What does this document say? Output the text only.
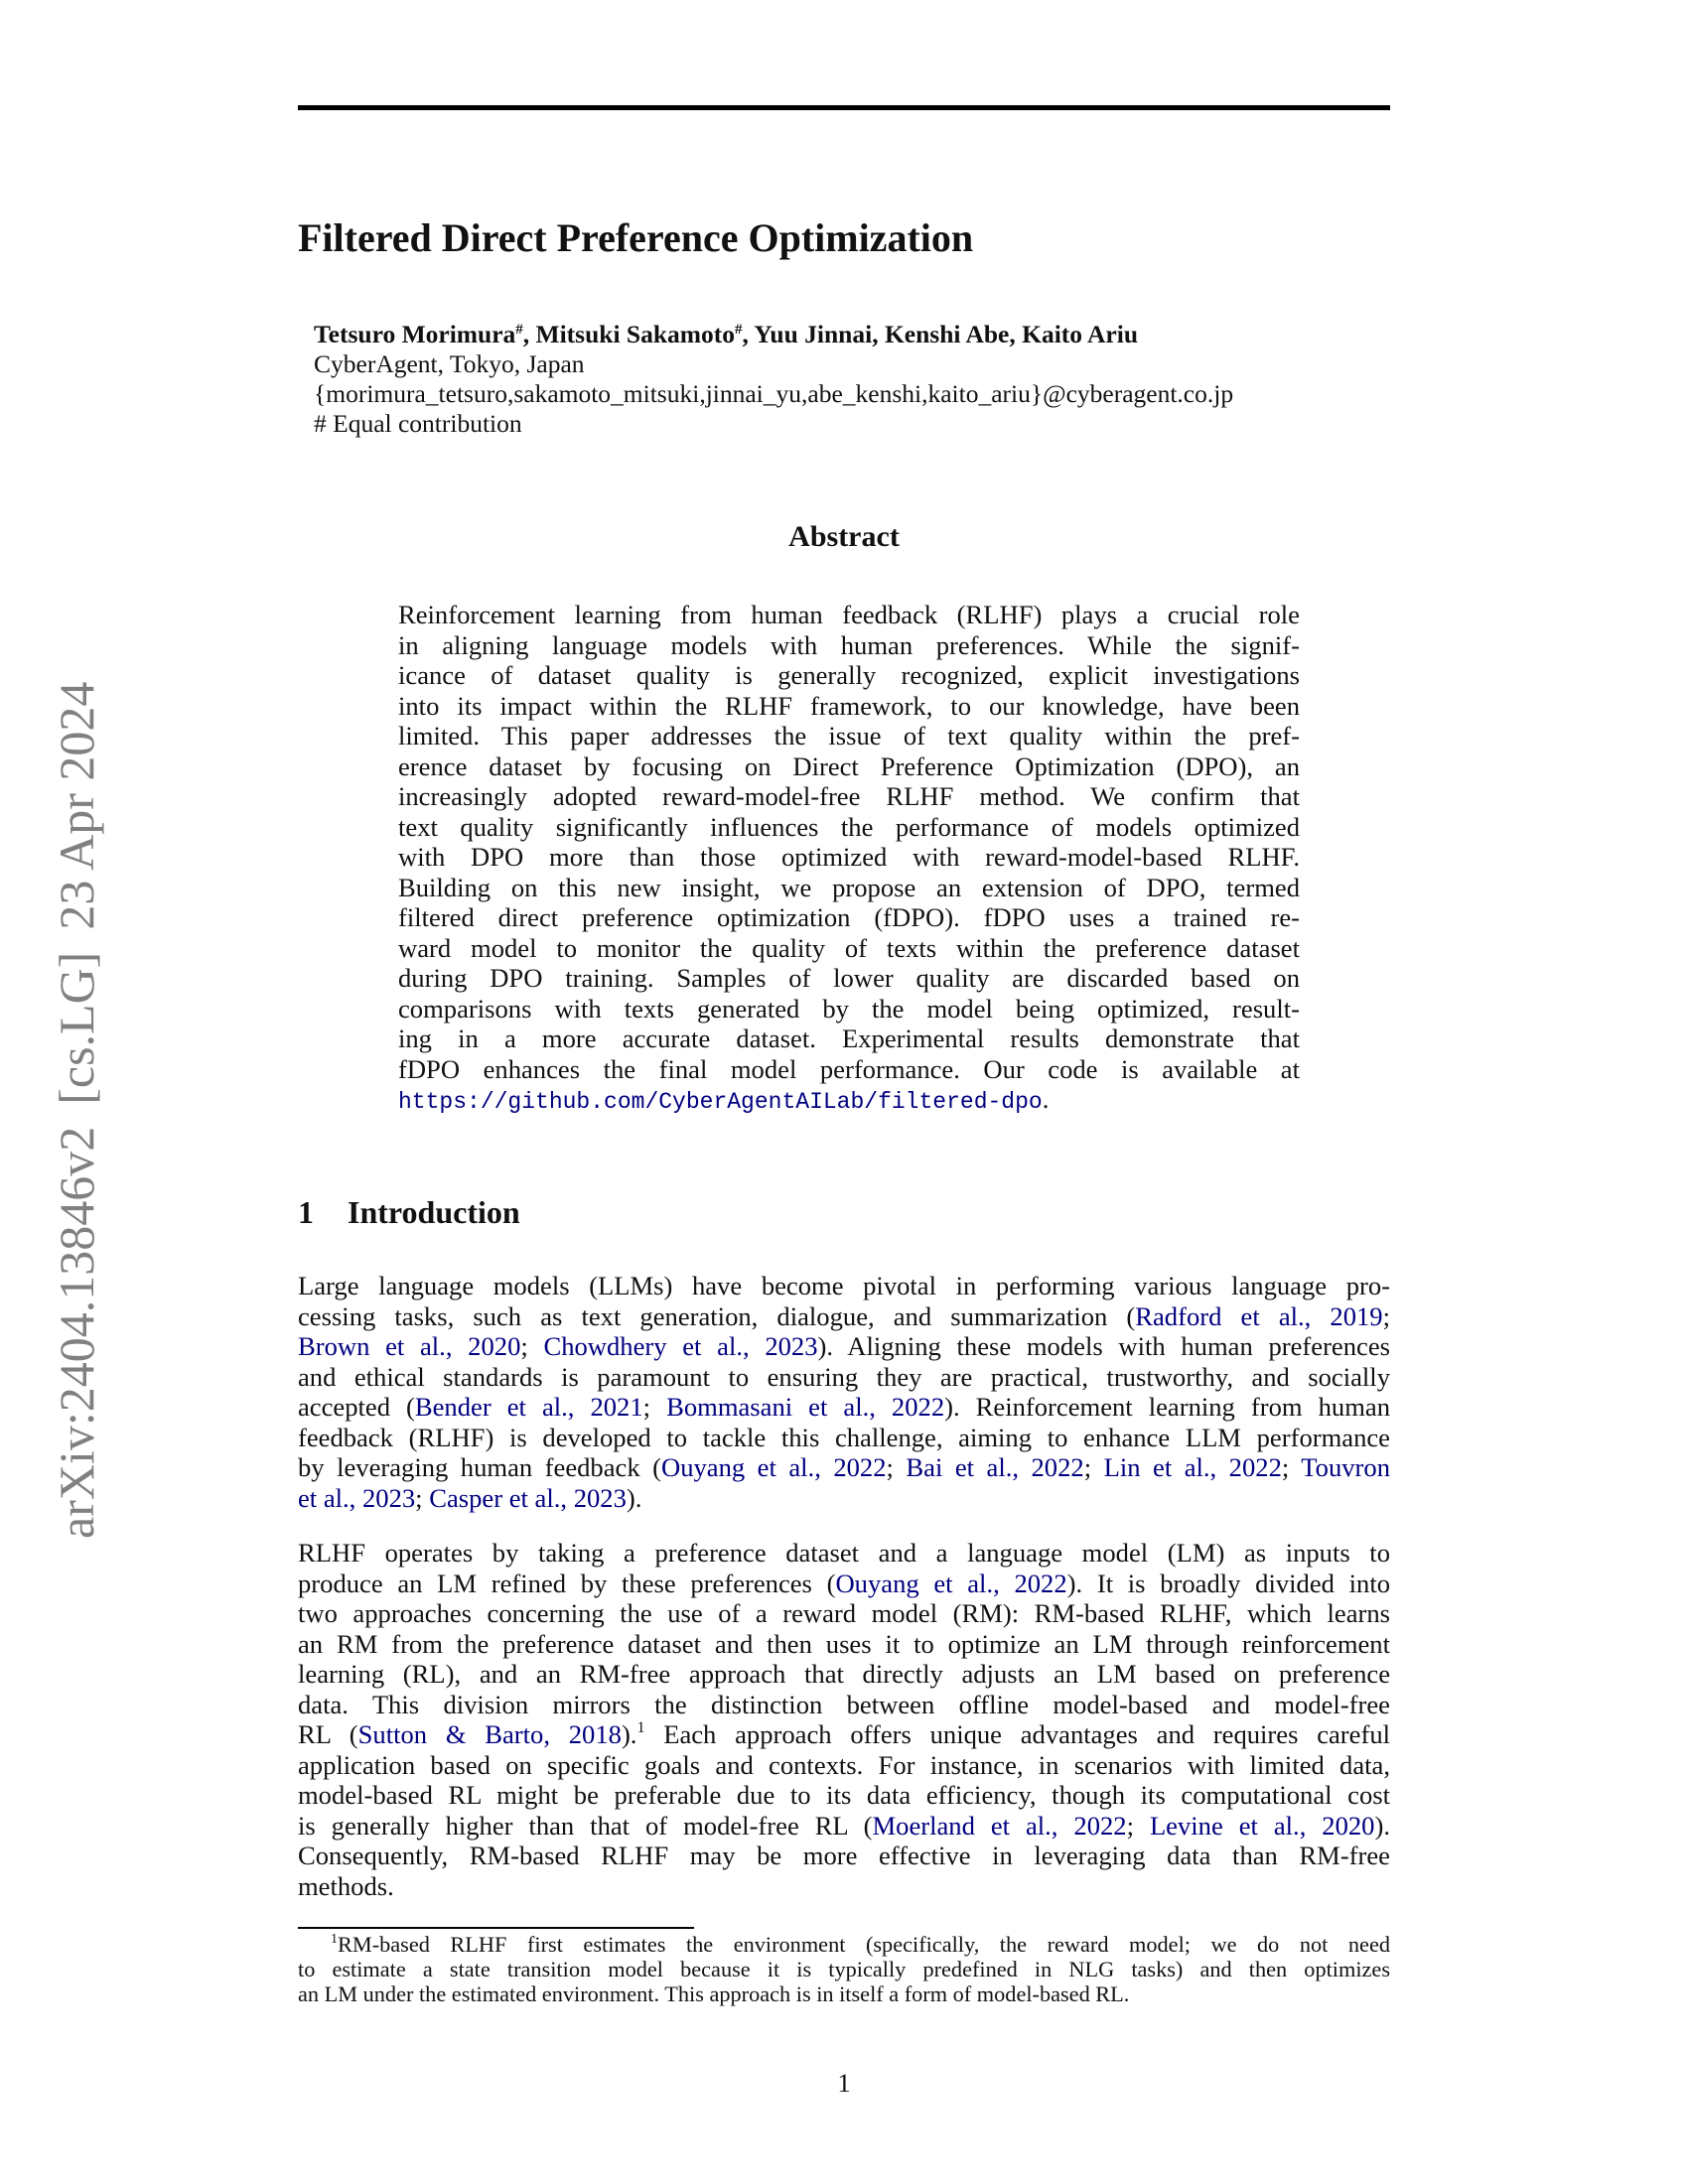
arXiv:2404.13846v2[cs.LG]23 Apr 2024
Filtered Direct Preference Optimization
Tetsuro Morimura#, Mitsuki Sakamoto#, Yuu Jinnai, Kenshi Abe, Kaito Ariu
CyberAgent, Tokyo, Japan
{morimura_tetsuro,sakamoto_mitsuki,jinnai_yu,abe_kenshi,kaito_ariu}@cyberagent.co.jp
# Equal contribution
Abstract
Reinforcement learning from human feedback (RLHF) plays a crucial role
in aligning language models with human preferences. While the signif-
icance of dataset quality is generally recognized, explicit investigations
into its impact within the RLHF framework, to our knowledge, have been
limited. This paper addresses the issue of text quality within the pref-
erence dataset by focusing on Direct Preference Optimization (DPO), an
increasingly adopted reward-model-free RLHF method. We confirm that
text quality significantly influences the performance of models optimized
with DPO more than those optimized with reward-model-based RLHF.
Building on this new insight, we propose an extension of DPO, termed
filtered direct preference optimization (fDPO). fDPO uses a trained re-
ward model to monitor the quality of texts within the preference dataset
during DPO training. Samples of lower quality are discarded based on
comparisons with texts generated by the model being optimized, result-
ing in a more accurate dataset. Experimental results demonstrate that
fDPO enhances the final model performance. Our code is available at
https://github.com/CyberAgentAILab/filtered-dpo.
1 Introduction
Large language models (LLMs) have become pivotal in performing various language pro-
cessing tasks, such as text generation, dialogue, and summarization (Radford et al., 2019;
Brown et al., 2020; Chowdhery et al., 2023). Aligning these models with human preferences
and ethical standards is paramount to ensuring they are practical, trustworthy, and socially
accepted (Bender et al., 2021; Bommasani et al., 2022). Reinforcement learning from human
feedback (RLHF) is developed to tackle this challenge, aiming to enhance LLM performance
by leveraging human feedback (Ouyang et al., 2022; Bai et al., 2022; Lin et al., 2022; Touvron
et al., 2023; Casper et al., 2023).
RLHF operates by taking a preference dataset and a language model (LM) as inputs to
produce an LM refined by these preferences (Ouyang et al., 2022). It is broadly divided into
two approaches concerning the use of a reward model (RM): RM-based RLHF, which learns
an RM from the preference dataset and then uses it to optimize an LM through reinforcement
learning (RL), and an RM-free approach that directly adjusts an LM based on preference
data. This division mirrors the distinction between offline model-based and model-free
RL (Sutton & Barto, 2018).$^1$ Each approach offers unique advantages and requires careful
application based on specific goals and contexts. For instance, in scenarios with limited data,
model-based RL might be preferable due to its data efficiency, though its computational cost
is generally higher than that of model-free RL (Moerland et al., 2022; Levine et al., 2020).
Consequently, RM-based RLHF may be more effective in leveraging data than RM-free
methods.
$^1$RM-based RLHF first estimates the environment (specifically, the reward model; we do not need
to estimate a state transition model because it is typically predefined in NLG tasks) and then optimizes
an LM under the estimated environment. This approach is in itself a form of model-based RL.
1
